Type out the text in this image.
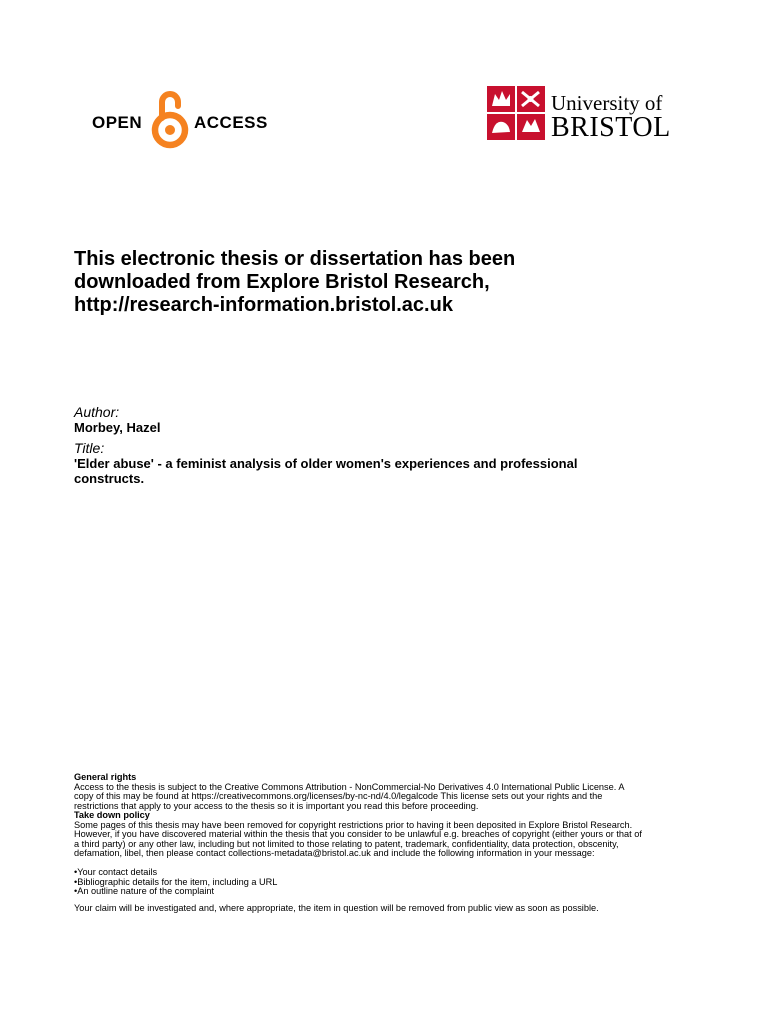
OPEN	ACCESS
University of
BRISTOL
This electronic thesis or dissertation has been
downloaded from Explore Bristol Research,
http://research-information.bristol.ac.uk
Author:
Morbey, Hazel
Title:
'Elder abuse' - a feminist analysis of older women's experiences and professional
constructs.

General rights

Access to the thesis is subject to the Creative Commons Attribution - NonCommercial-No Derivatives 4.0 International Public License. A

copy of this may be found at https://creativecommons.org/licenses/by-nc-nd/4.0/legalcode This license sets out your rights and the

restrictions that apply to your access to the thesis so it is important you read this before proceeding.

Take down policy

Some pages of this thesis may have been removed for copyright restrictions prior to having it been deposited in Explore Bristol Research.

However, if you have discovered material within the thesis that you consider to be unlawful e.g. breaches of copyright (either yours or that of

a third party) or any other law, including but not limited to those relating to patent, trademark, confidentiality, data protection, obscenity,

defamation, libel, then please contact collections-metadata@bristol.ac.uk and include the following information in your message:

•Your contact details

•Bibliographic details for the item, including a URL

•An outline nature of the complaint

Your claim will be investigated and, where appropriate, the item in question will be removed from public view as soon as possible.
